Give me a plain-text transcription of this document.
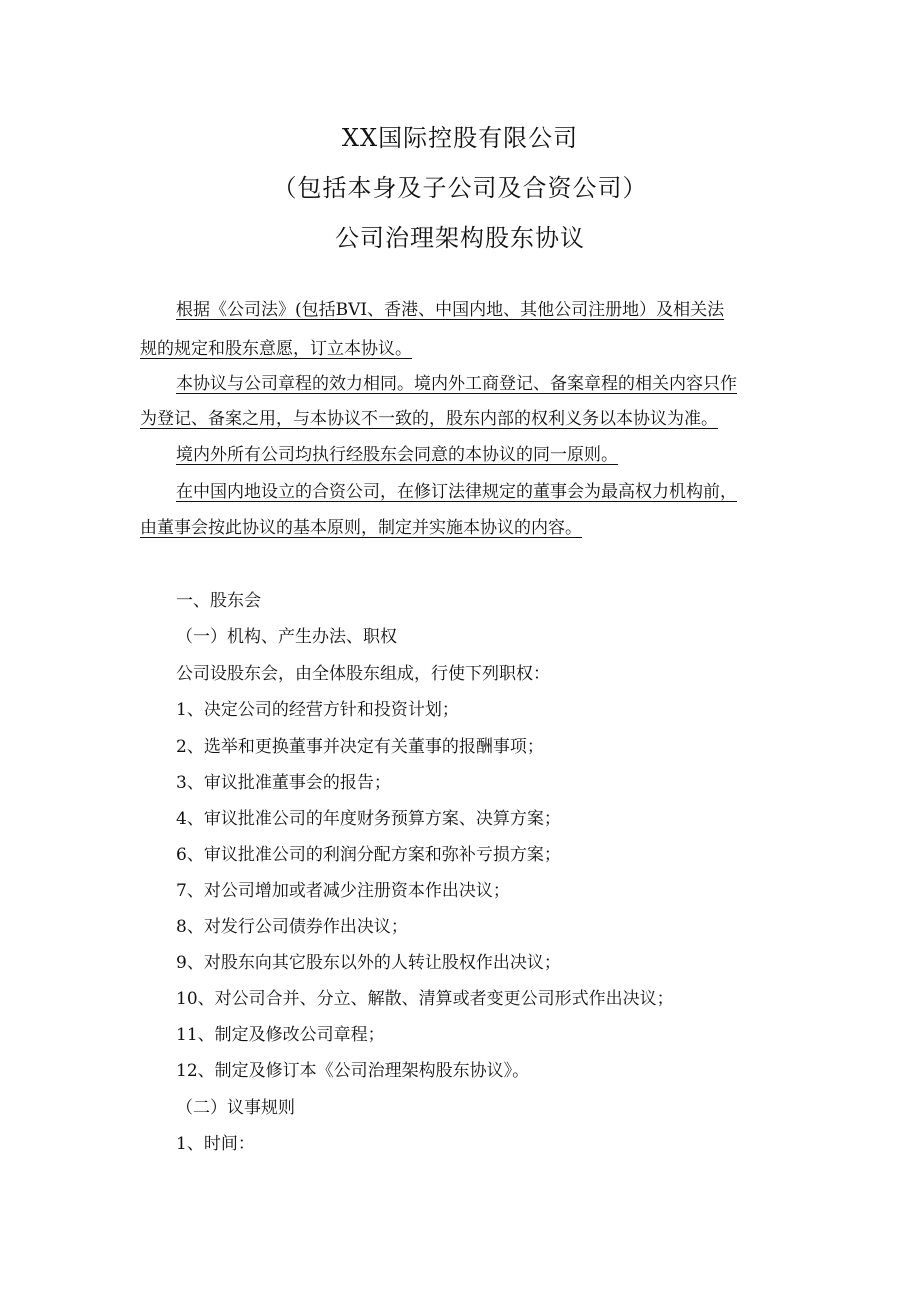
XX国际控股有限公司
（包括本身及子公司及合资公司）
公司治理架构股东协议
根据《公司法》(包括BVI、香港、中国内地、其他公司注册地）及相关法
规的规定和股东意愿，订立本协议。
本协议与公司章程的效力相同。境内外工商登记、备案章程的相关内容只作
为登记、备案之用，与本协议不一致的，股东内部的权利义务以本协议为准。
境内外所有公司均执行经股东会同意的本协议的同一原则。
在中国内地设立的合资公司，在修订法律规定的董事会为最高权力机构前，
由董事会按此协议的基本原则，制定并实施本协议的内容。
一、股东会
（一）机构、产生办法、职权
公司设股东会，由全体股东组成，行使下列职权：
1、决定公司的经营方针和投资计划；
2、选举和更换董事并决定有关董事的报酬事项；
3、审议批准董事会的报告；
4、审议批准公司的年度财务预算方案、决算方案；
6、审议批准公司的利润分配方案和弥补亏损方案；
7、对公司增加或者减少注册资本作出决议；
8、对发行公司债券作出决议；
9、对股东向其它股东以外的人转让股权作出决议；
10、对公司合并、分立、解散、清算或者变更公司形式作出决议；
11、制定及修改公司章程；
12、制定及修订本《公司治理架构股东协议》。
（二）议事规则
1、时间：
